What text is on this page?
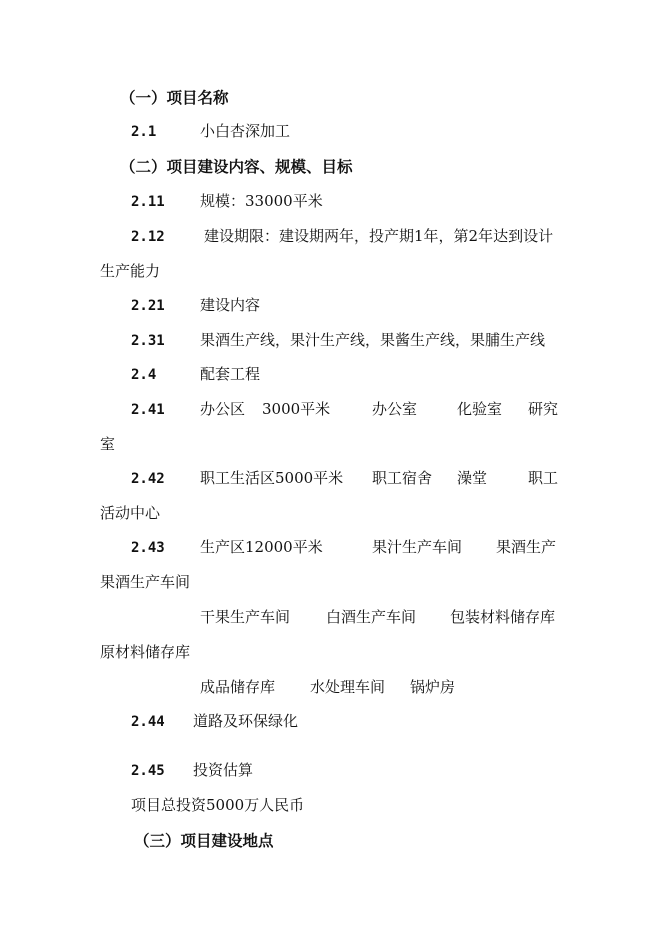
（一）项目名称
2.1	小白杏深加工
（二）项目建设内容、规模、目标
2.11 规模：33000平米
2.12	建设期限：建设期两年，投产期1年，第2年达到设计
生产能力
2.21 建设内容
2.31 果酒生产线，果汁生产线，果酱生产线，果脯生产线
2.4	配套工程
2.41 办公区 3000平米	办公室	化验室 研究
室
2.42 职工生活区5000平米 职工宿舍 澡堂	职工
活动中心
2.43 生产区12000平米	果汁生产车间 果酒生产
果酒生产车间
干果生产车间 白酒生产车间 包装材料储存库
原材料储存库
成品储存库 水处理车间 锅炉房
2.44 道路及环保绿化
2.45 投资估算
项目总投资5000万人民币
（三）项目建设地点
